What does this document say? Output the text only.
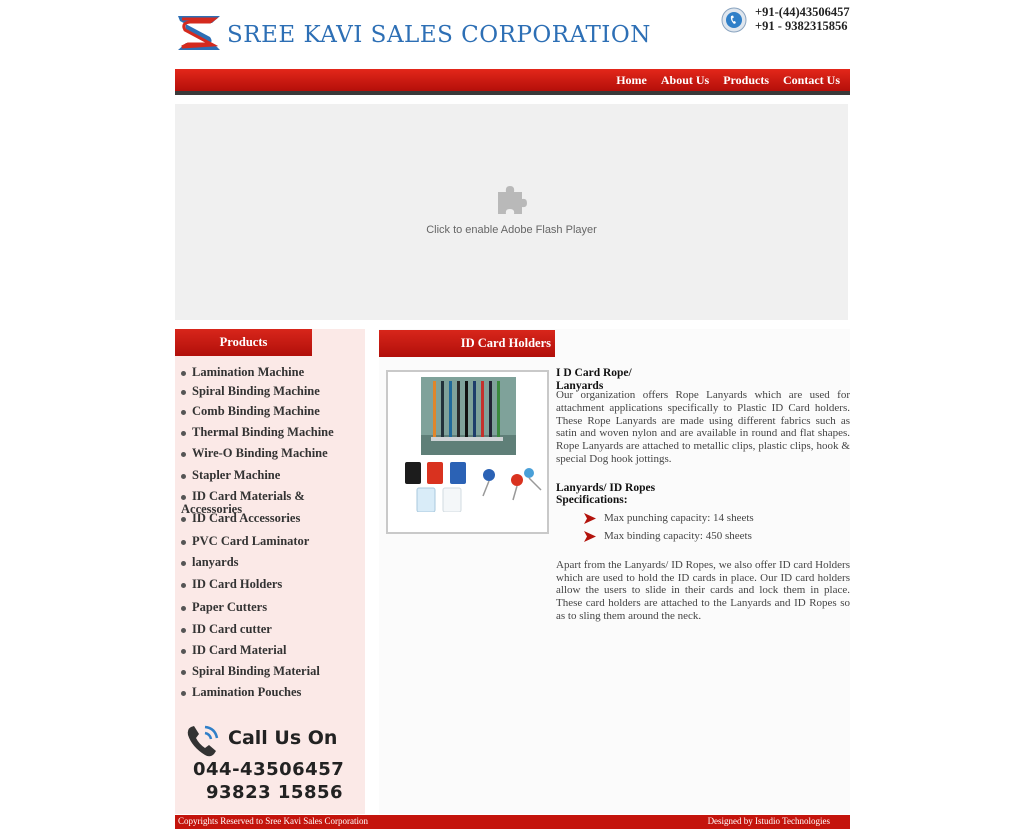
SREE KAVI SALES CORPORATION
+91-(44)43506457
+91 - 9382315856
Home About Us Products Contact Us
Click to enable Adobe Flash Player
Products
Lamination Machine
Spiral Binding Machine
Comb Binding Machine
Thermal Binding Machine
Wire-O Binding Machine
Stapler Machine
ID Card Materials & Accessories
ID Card Accessories
PVC Card Laminator
lanyards
ID Card Holders
Paper Cutters
ID Card cutter
ID Card Material
Spiral Binding Material
Lamination Pouches
Call Us On
044-43506457
93823 15856
ID Card Holders
I D Card Rope/ Lanyards

Our organization offers Rope Lanyards which are used for attachment applications specifically to Plastic ID Card holders. These Rope Lanyards are made using different fabrics such as satin and woven nylon and are available in round and flat shapes. Rope Lanyards are attached to metallic clips, plastic clips, hook & special Dog hook jottings.

Lanyards/ ID Ropes
Specifications:
Max punching capacity: 14 sheets
Max binding capacity: 450 sheets

Apart from the Lanyards/ ID Ropes, we also offer ID card Holders which are used to hold the ID cards in place. Our ID card holders allow the users to slide in their cards and lock them in place. These card holders are attached to the Lanyards and ID Ropes so as to sling them around the neck.

Copyrights Reserved to Sree Kavi Sales Corporation	Designed by Istudio Technologies
